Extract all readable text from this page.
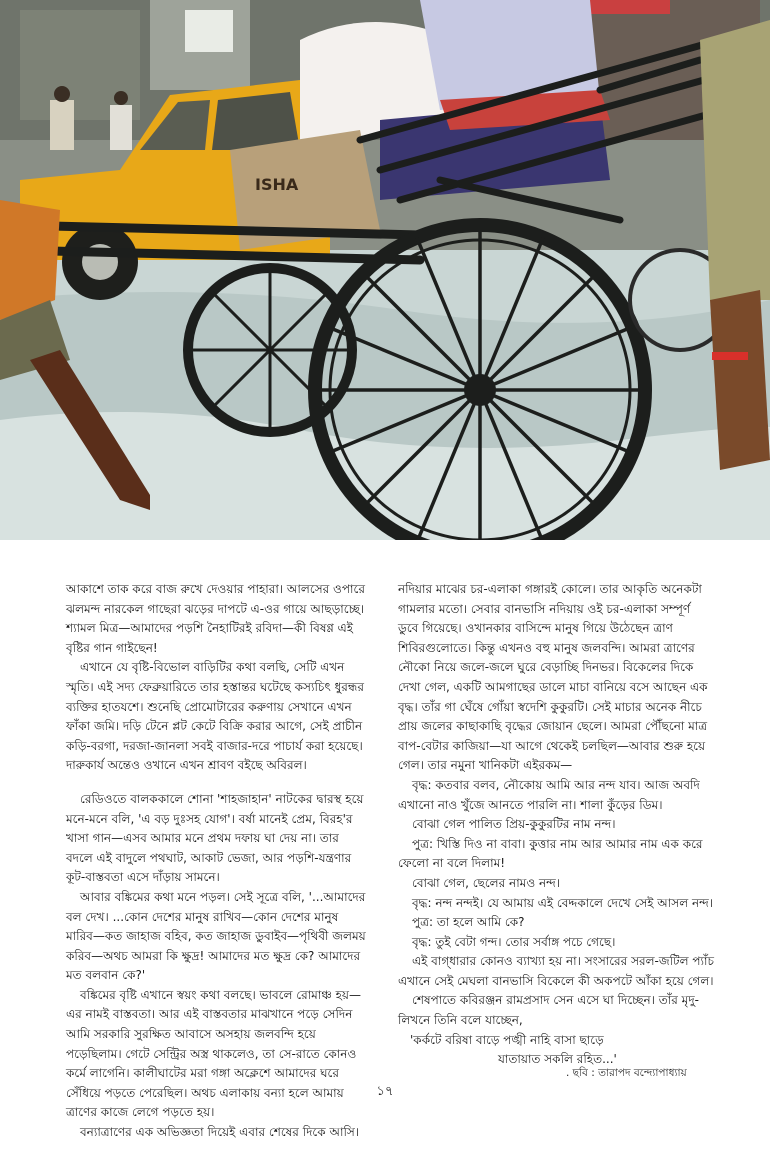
ISHA

আকাশে তাক করে বাজ রুখে দেওয়ার পাহারা। আলসের ওপারে ঝলমন্দ নারকেল গাছেরা ঝড়ের দাপটে এ-ওর গায়ে আছড়াচ্ছে। শ্যামল মিত্র—আমাদের পড়শি নৈহাটিরই রবিদা—কী বিষণ্ণ এই বৃষ্টির গান গাইছেন!

এখানে যে বৃষ্টি-বিভোল বাড়িটির কথা বলছি, সেটি এখন স্মৃতি। এই সদ্য ফেব্রুয়ারিতে তার হস্তান্তর ঘটেছে কস্যচিৎ ধুরন্ধর ব্যক্তির হাতযশে। শুনেছি প্রোমোটারের করুণায় সেখানে এখন ফাঁকা জমি। দড়ি টেনে প্লট কেটে বিক্রি করার আগে, সেই প্রাচীন কড়ি-বরগা, দরজা-জানলা সবই বাজার-দরে পাচার্য করা হয়েছে। দারুকার্য অন্তেও ওখানে এখন শ্রাবণ বইছে অবিরল।

রেডিওতে বালককালে শোনা 'শাহজাহান' নাটকের দ্বারস্থ হয়ে মনে-মনে বলি, 'এ বড় দুঃসহ যোগ'। বর্ষা মানেই প্রেম, বিরহ'র খাসা গান—এসব আমার মনে প্রথম দফায় ঘা দেয় না। তার বদলে এই বাদুলে পথঘাট, আকাট ভেজা, আর পড়শি-যন্ত্রণার কূট-বাস্তবতা এসে দাঁড়ায় সামনে।

আবার বঙ্কিমের কথা মনে পড়ল। সেই সূত্রে বলি, '...আমাদের বল দেখ। ...কোন দেশের মানুষ রাখিব—কোন দেশের মানুষ মারিব—কত জাহাজ বহিব, কত জাহাজ ডুবাইব—পৃথিবী জলময় করিব—অথচ আমরা কি ক্ষুদ্র! আমাদের মত ক্ষুদ্র কে? আমাদের মত বলবান কে?'

বঙ্কিমের বৃষ্টি এখানে স্বয়ং কথা বলছে। ভাবলে রোমাঞ্চ হয়—এর নামই বাস্তবতা। আর এই বাস্তবতার মাঝখানে পড়ে সেদিন আমি সরকারি সুরক্ষিত আবাসে অসহায় জলবন্দি হয়ে পড়েছিলাম। গেটে সেন্ট্রির অস্ত্র থাকলেও, তা সে-রাতে কোনও কর্মে লাগেনি। কালীঘাটের মরা গঙ্গা অক্লেশে আমাদের ঘরে সেঁধিয়ে পড়তে পেরেছিল। অথচ এলাকায় বন্যা হলে আমায় ত্রাণের কাজে লেগে পড়তে হয়।

বন্যাত্রাণের এক অভিজ্ঞতা দিয়েই এবার শেষের দিকে আসি।

নদিয়ার মাঝের চর-এলাকা গঙ্গারই কোলে। তার আকৃতি অনেকটা গামলার মতো। সেবার বানভাসি নদিয়ায় ওই চর-এলাকা সম্পূর্ণ ডুবে গিয়েছে। ওখানকার বাসিন্দে মানুষ গিয়ে উঠেছেন ত্রাণ শিবিরগুলোতে। কিন্তু এখনও বহু মানুষ জলবন্দি। আমরা ত্রাণের নৌকো নিয়ে জলে-জলে ঘুরে বেড়াচ্ছি দিনভর। বিকেলের দিকে দেখা গেল, একটি আমগাছের ডালে মাচা বানিয়ে বসে আছেন এক বৃদ্ধ। তাঁর গা ঘেঁষে গোঁয়া স্বদেশি কুকুরটি। সেই মাচার অনেক নীচে প্রায় জলের কাছাকাছি বৃদ্ধের জোয়ান ছেলে। আমরা পৌঁছনো মাত্র বাপ-বেটার কাজিয়া—যা আগে থেকেই চলছিল—আবার শুরু হয়ে গেল। তার নমুনা খানিকটা এইরকম—

বৃদ্ধ: কতবার বলব, নৌকোয় আমি আর নন্দ যাব। আজ অবদি এখানো নাও খুঁজে আনতে পারলি না। শালা কুঁড়ের ডিম।

বোঝা গেল পালিত প্রিয়-কুকুরটির নাম নন্দ।

পুত্র: খিস্তি দিও না বাবা। কুত্তার নাম আর আমার নাম এক করে ফেলো না বলে দিলাম!

বোঝা গেল, ছেলের নামও নন্দ।

বৃদ্ধ: নন্দ নন্দই। যে আমায় এই বেদ্দকালে দেখে সেই আসল নন্দ।

পুত্র: তা হলে আমি কে?

বৃদ্ধ: তুই বেটা গন্দ। তোর সর্বাঙ্গ পচে গেছে।

এই বাগ্‌ধারার কোনও ব্যাখ্যা হয় না। সংসারের সরল-জটিল প্যাঁচ এখানে সেই মেঘলা বানভাসি বিকেলে কী অকপটে আঁকা হয়ে গেল।

শেষপাতে কবিরঞ্জন রামপ্রসাদ সেন এসে ঘা দিচ্ছেন। তাঁর মৃদু-লিখনে তিনি বলে যাচ্ছেন,

'কর্কটে বরিষা বাড়ে পঙ্খী নাহি বাসা ছাড়ে

যাতায়াত সকলি রহিত...'

. ছবি : তারাপদ বন্দ্যোপাধ্যায়
১৭
